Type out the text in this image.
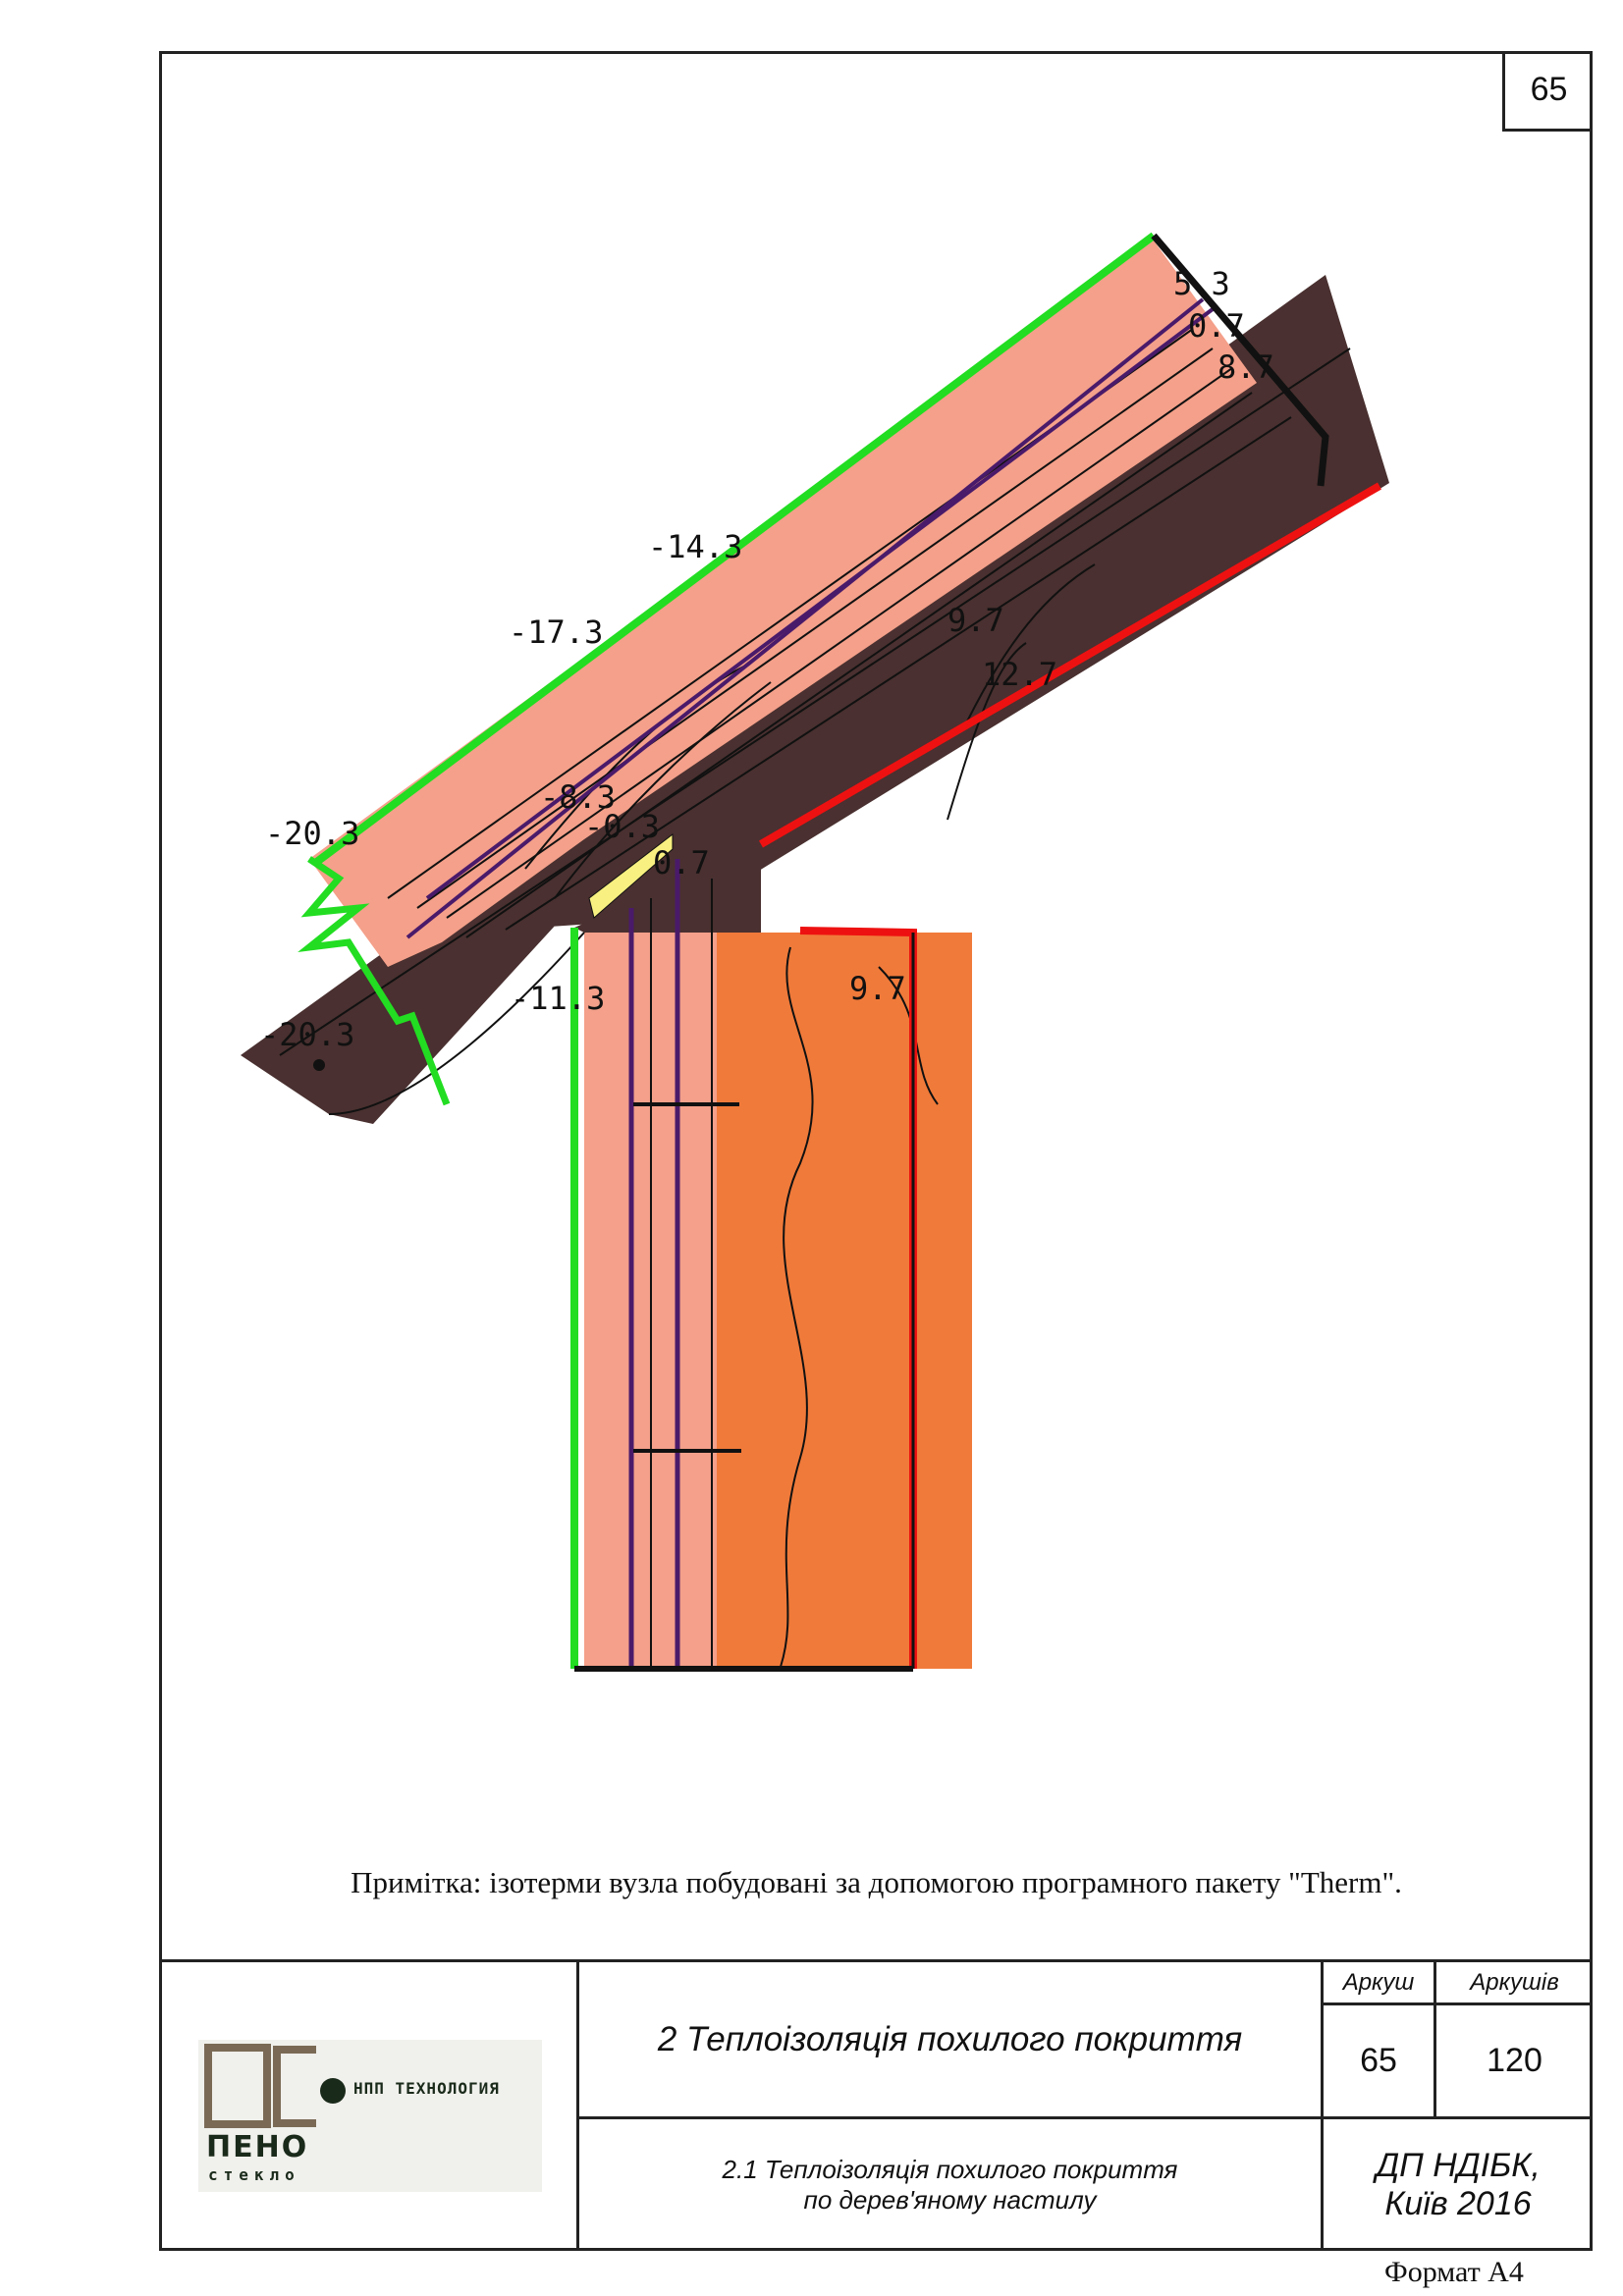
65
5.3
0.7
8.7
-14.3
-17.3	9.7
12.7
-20.3
-8.3
-0.3
0.7
-11.3	9.7
-20.3
Примітка: ізотерми вузла побудовані за допомогою програмного пакету "Therm".
НПП ТЕХНОЛОГИЯ
ПЕНО
стекло
2 Теплоізоляція похилого покриття
Аркуш	Аркушів
65	120
2.1 Теплоізоляція похилого покриття
по дерев'яному настилу
ДП НДІБК,
Київ 2016
Формат А4
